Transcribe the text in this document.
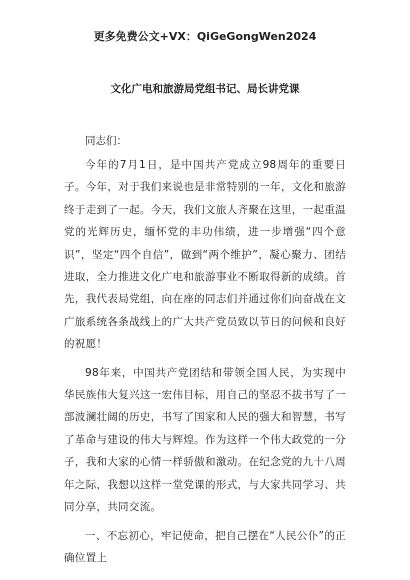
更多免费公文+VX：QiGeGongWen2024

文化广电和旅游局党组书记、局长讲党课

同志们：

今年的7月1日，是中国共产党成立98周年的重要日子。今年，对于我们来说也是非常特别的一年，文化和旅游终于走到了一起。今天，我们文旅人齐聚在这里，一起重温党的光辉历史，缅怀党的丰功伟绩，进一步增强“四个意识”，坚定“四个自信”，做到“两个维护”，凝心聚力、团结进取，全力推进文化广电和旅游事业不断取得新的成绩。首先，我代表局党组，向在座的同志们并通过你们向奋战在文广旅系统各条战线上的广大共产党员致以节日的问候和良好的祝愿！

98年来，中国共产党团结和带领全国人民，为实现中华民族伟大复兴这一宏伟目标，用自己的坚忍不拔书写了一部波澜壮阔的历史，书写了国家和人民的强大和智慧，书写了革命与建设的伟大与辉煌。作为这样一个伟大政党的一分子，我和大家的心情一样骄傲和激动。在纪念党的九十八周年之际，我想以这样一堂党课的形式，与大家共同学习、共同分享，共同交流。

一、不忘初心，牢记使命，把自己摆在“人民公仆”的正确位置上
